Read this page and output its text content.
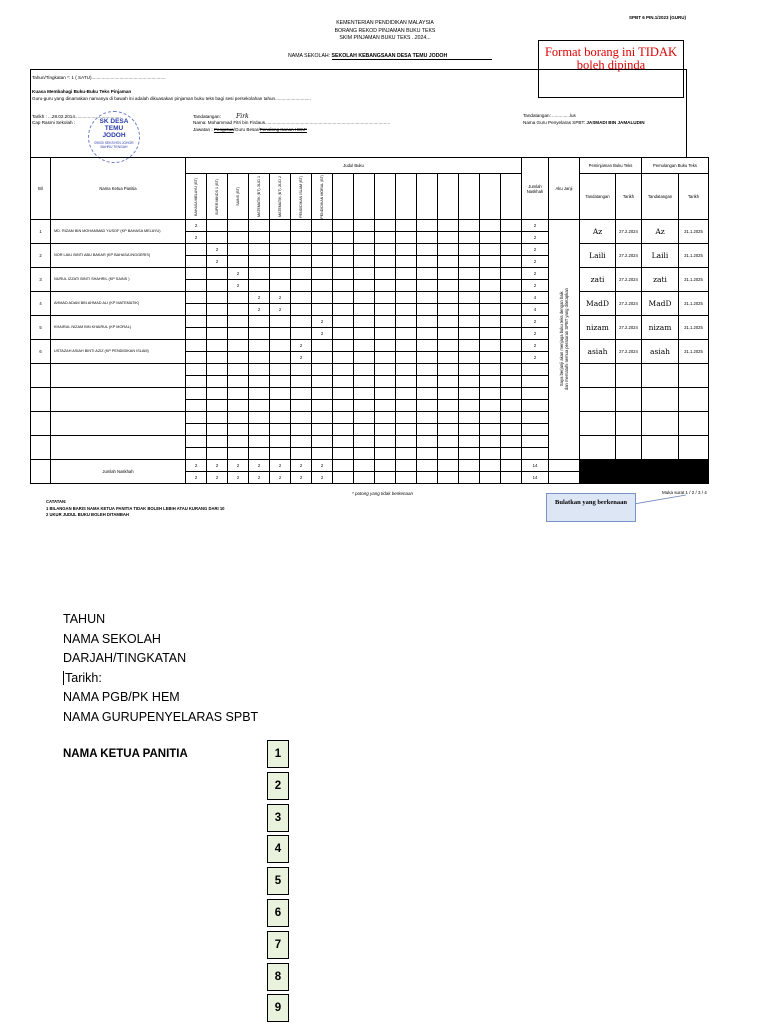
KEMENTERIAN PENDIDIKAN MALAYSIA
BORANG REKOD PINJAMAN BUKU TEKS
SKIM PINJAMAN BUKU TEKS ..2024...
SPBT 6 PIN.1/2023 (GURU)
Format borang ini TIDAK boleh dipinda
NAMA SEKOLAH: SEKOLAH KEBANGSAAN DESA TEMU JODOH
Tahun/Tingkatan *: 1 ( SATU)..........................................................
Kuasa Membahagi Buku-Buku Teks Pinjaman
Guru-guru yang dinamakan namanya di bawah ini adalah dikuasakan pinjaman buku teks bagi sesi persekolahan tahun............................
Tarikh : ...28.02.2014....................................
Cap Rasmi Sekolah :	SK DESA
TEMU
JODOH
09000 SEKSYEN JOHOR BAHRU TENGAH
Tandatangan:	Firk
Nama: Mohammad Fitri bin Firdaus..................................................................................................
Jawatan : Pengetua/Guru Besar/Penolong Kanan HEM*
Tandatangan: ..............lus
Nama Guru Penyelaras SPBT: JASMADI BIN JAMALUDIN
Bil	Nama Ketua Panitia	Judul Buku																Jumlah Naskhah	Aku Janji	Peminjaman Buku Teks		Pemulangan Buku Teks	

		BAHASA MELAYU (BT)	SUPER MINDS 1 (BT)	SAINS (BT)	MATEMATIK (BT) JILID 1	MATEMATIK (BT) JILID 2	PENDIDIKAN ISLAM (BT)	PENDIDIKAN MORAL (BT)												Tandatangan	Tarikh	Tandatangan	Tarikh
1	MD. RIZAM BIN MOHAMMAD YUSOF (KP BAHASA MELAYU)	2																2	Saya berjanji akan menjaga buku teks dengan baik dan mematuhi semua peraturan SPBT yang ditetapkan	Az	27.2.2024	Az	31.1.2025
		2																2					
2	NOR LAILI BINTI ABU BAKAR (KP BAHASA INGGERIS)		2															2		Laili	27.2.2024	Laili	31.1.2025
			2															2					
3	NURUL IZZATI BINTI SHAHRIL (KP SAINS )			2														2		zati	27.2.2024	zati	31.1.2025
				2														2					
4	AHMAD ADAM BIN AHMAD ALI (KP MATEMATIK)				2	2												4		MadD	27.2.2024	MadD	31.1.2025
					2	2												4					
5	KHAIRUL NIZAM BIN KHAIRUL (KP MORAL)							2										2		nizam	27.2.2024	nizam	31.1.2025
								2										2					
6	USTAZAH ASIAH BINTI AZIZ (KP PENDIDIKAN ISLAM)						2											2		asiah	27.2.2024	asiah	31.1.2025
							2											2					

	Jumlah Naskhah	2	2	2	2	2	2	2										14					
		2	2	2	2	2	2	2										14					
* potong yang tidak berkenaan	Muka surat 1 / 2 / 3 / 4
CATATAN:
1 BILANGAN BARIS NAMA KETUA PANITIA TIDAK BOLEH LEBIH ATAU KURANG DARI 10
2 UKUR JUDUL BUKU BOLEH DITAMBAH
Bulatkan yang berkenaan
TAHUN
NAMA SEKOLAH
DARJAH/TINGKATAN
Tarikh:
NAMA PGB/PK HEM
NAMA GURUPENYELARAS SPBT
NAMA KETUA PANITIA	1
2
3
4
5
6
7
8
9
